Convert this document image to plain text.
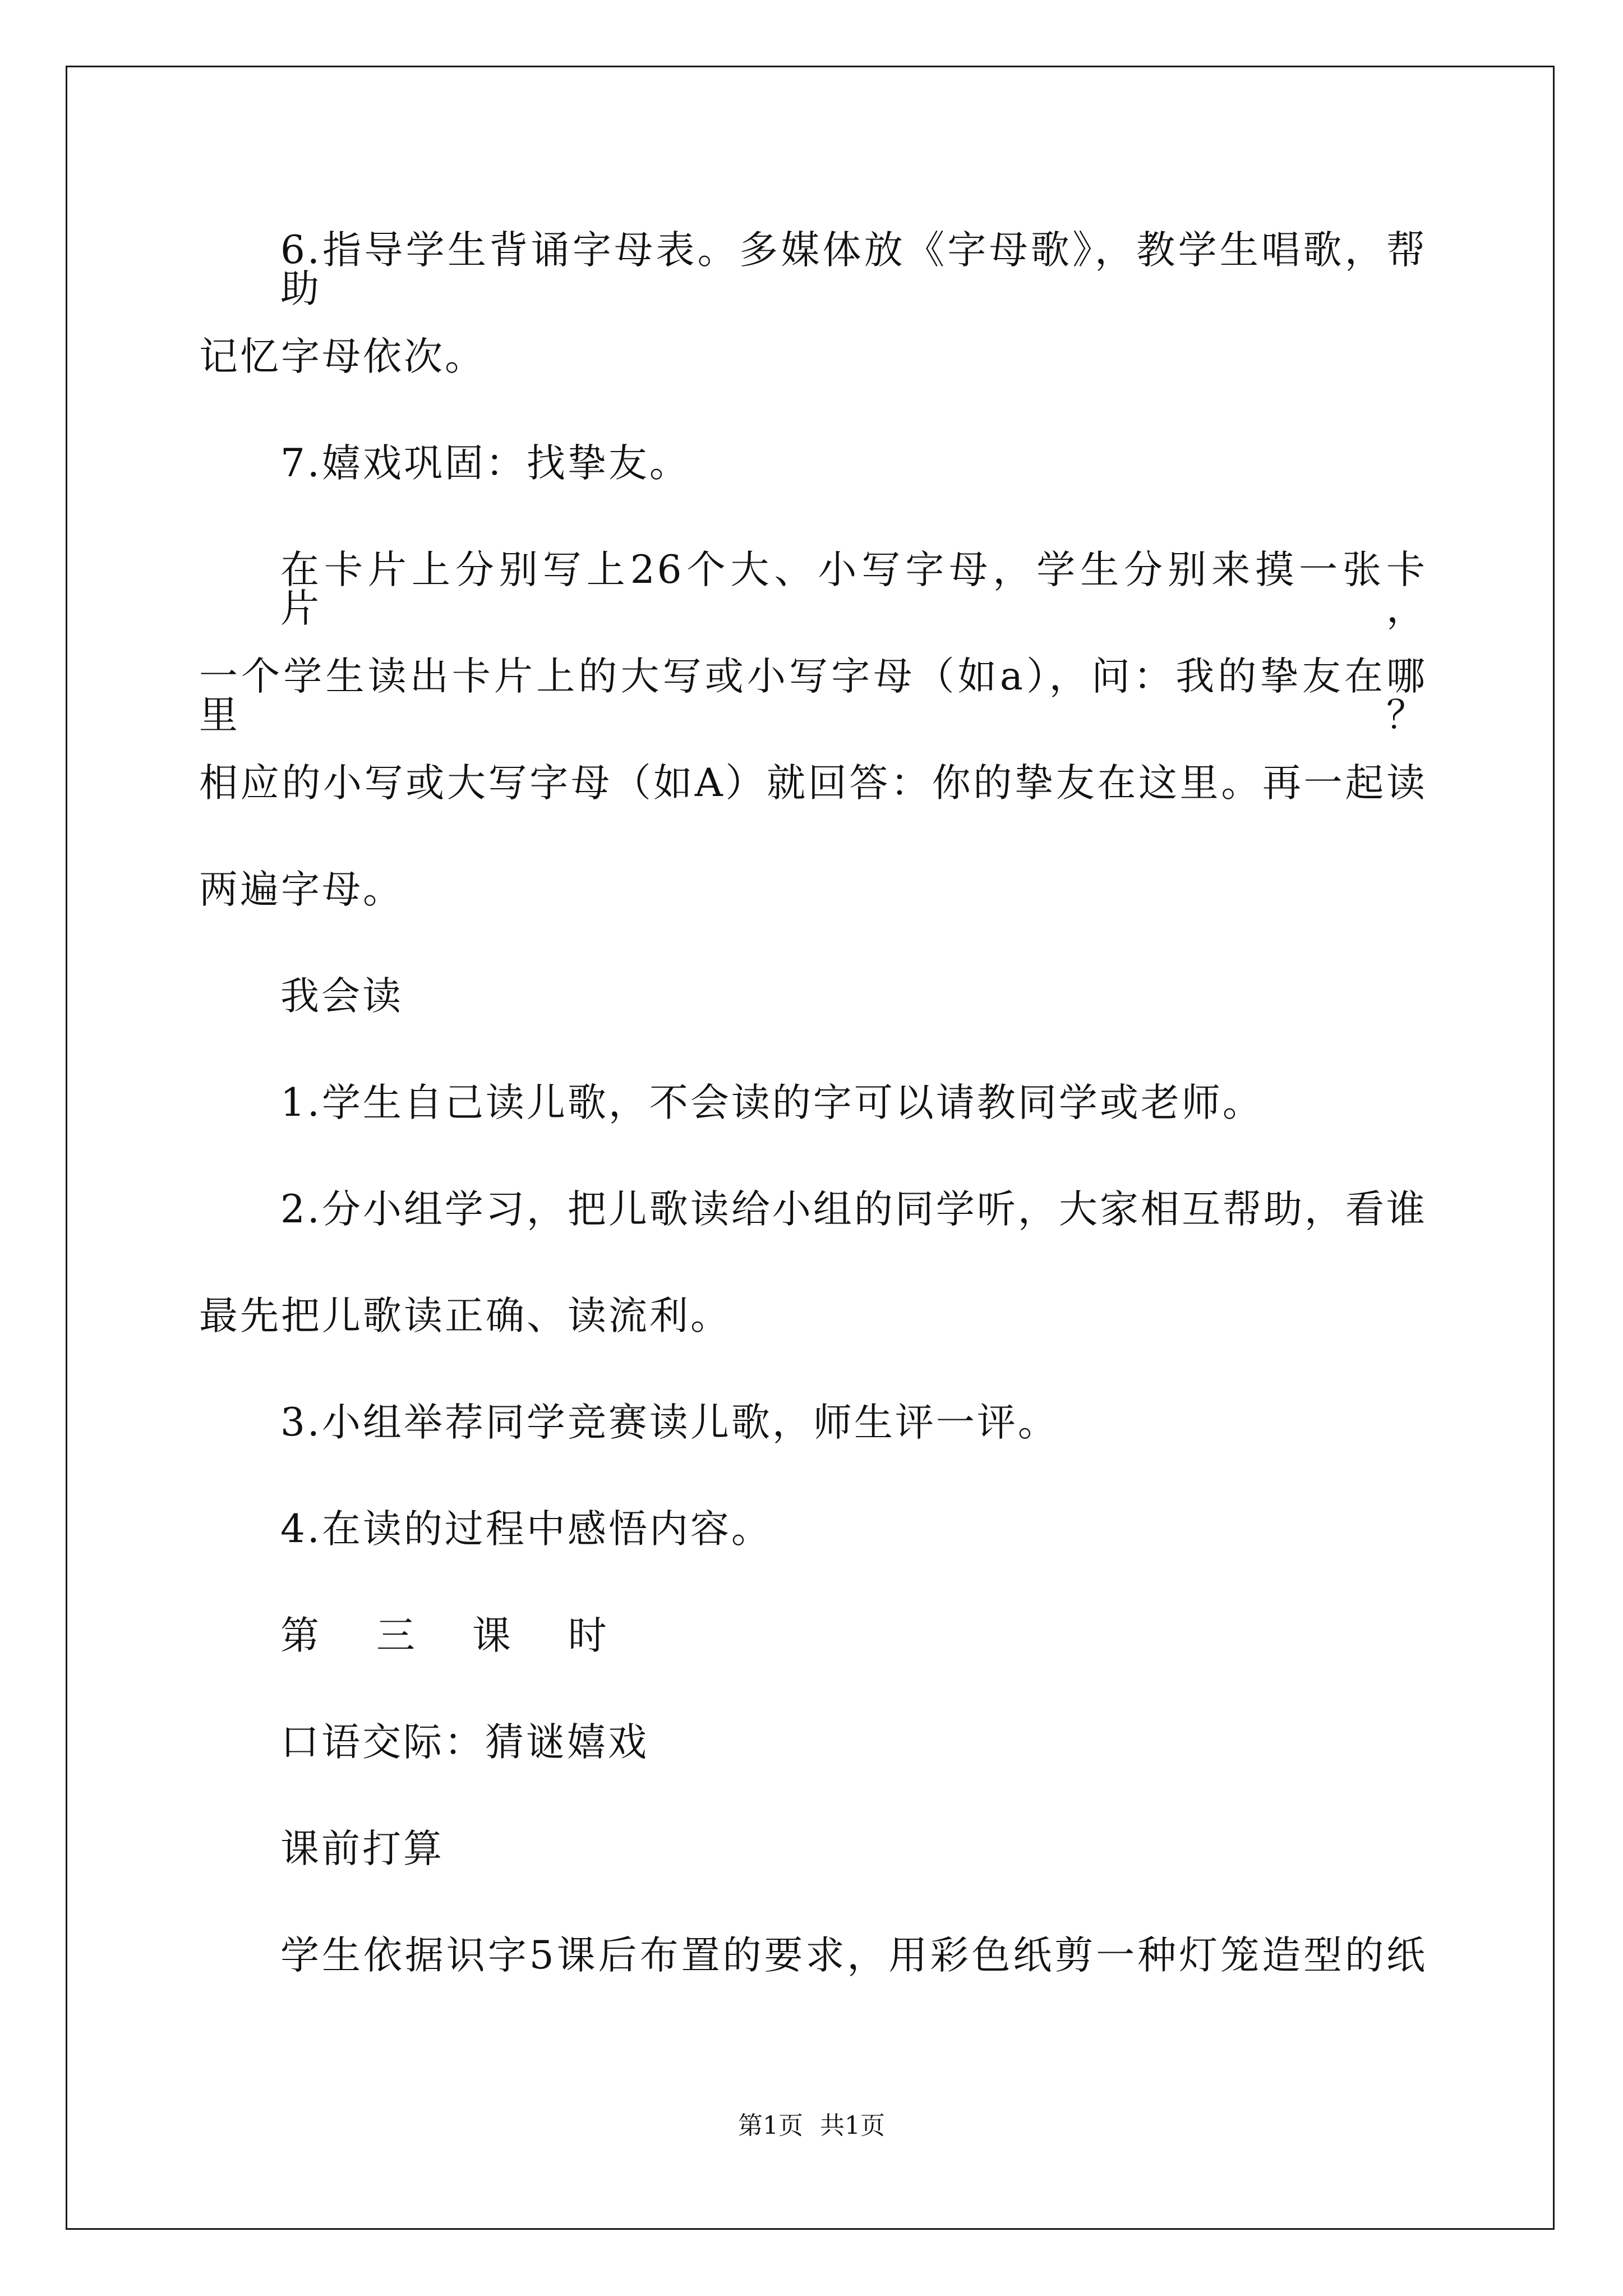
6.指导学生背诵字母表。多媒体放《字母歌》，教学生唱歌，帮助
记忆字母依次。
7.嬉戏巩固：找挚友。
在卡片上分别写上26个大、小写字母，学生分别来摸一张卡片，
一个学生读出卡片上的大写或小写字母（如a），问：我的挚友在哪里？
相应的小写或大写字母（如A）就回答：你的挚友在这里。再一起读
两遍字母。
我会读
1.学生自己读儿歌，不会读的字可以请教同学或老师。
2.分小组学习，把儿歌读给小组的同学听，大家相互帮助，看谁
最先把儿歌读正确、读流利。
3.小组举荐同学竞赛读儿歌，师生评一评。
4.在读的过程中感悟内容。
第 三 课 时
口语交际：猜谜嬉戏
课前打算
学生依据识字5课后布置的要求，用彩色纸剪一种灯笼造型的纸
第1页 共1页
